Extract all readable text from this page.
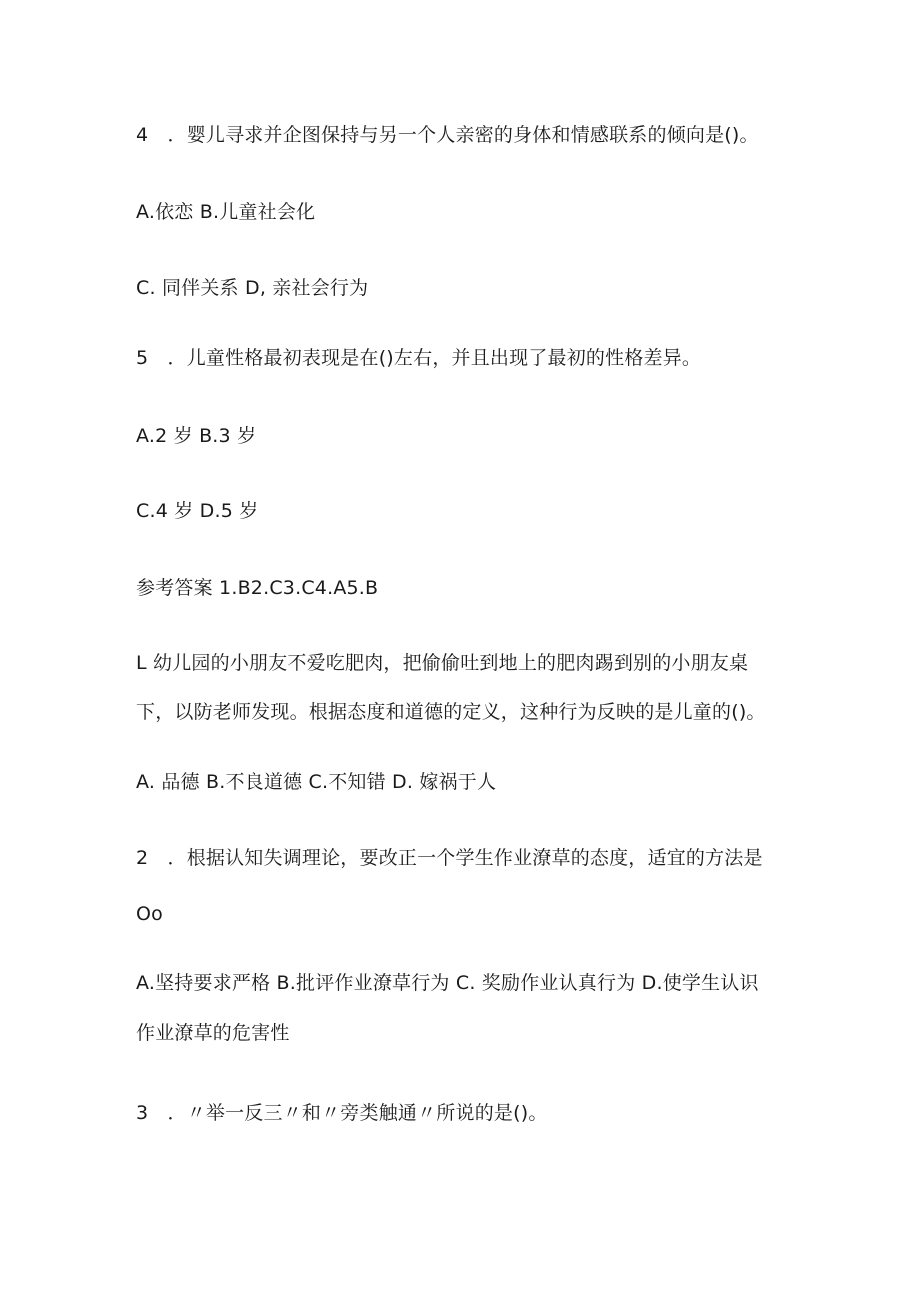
4　．婴儿寻求并企图保持与另一个人亲密的身体和情感联系的倾向是()。
A.依恋 B.儿童社会化
C. 同伴关系 D, 亲社会行为
5　．儿童性格最初表现是在()左右，并且出现了最初的性格差异。
A.2 岁 B.3 岁
C.4 岁 D.5 岁
参考答案 1.B2.C3.C4.A5.B
L 幼儿园的小朋友不爱吃肥肉，把偷偷吐到地上的肥肉踢到别的小朋友桌
下，以防老师发现。根据态度和道德的定义，这种行为反映的是儿童的()。
A. 品德 B.不良道德 C.不知错 D. 嫁祸于人
2　．根据认知失调理论，要改正一个学生作业潦草的态度，适宜的方法是
Oo
A.坚持要求严格 B.批评作业潦草行为 C. 奖励作业认真行为 D.使学生认识
作业潦草的危害性
3　．〃举一反三〃和〃旁类触通〃所说的是()。
